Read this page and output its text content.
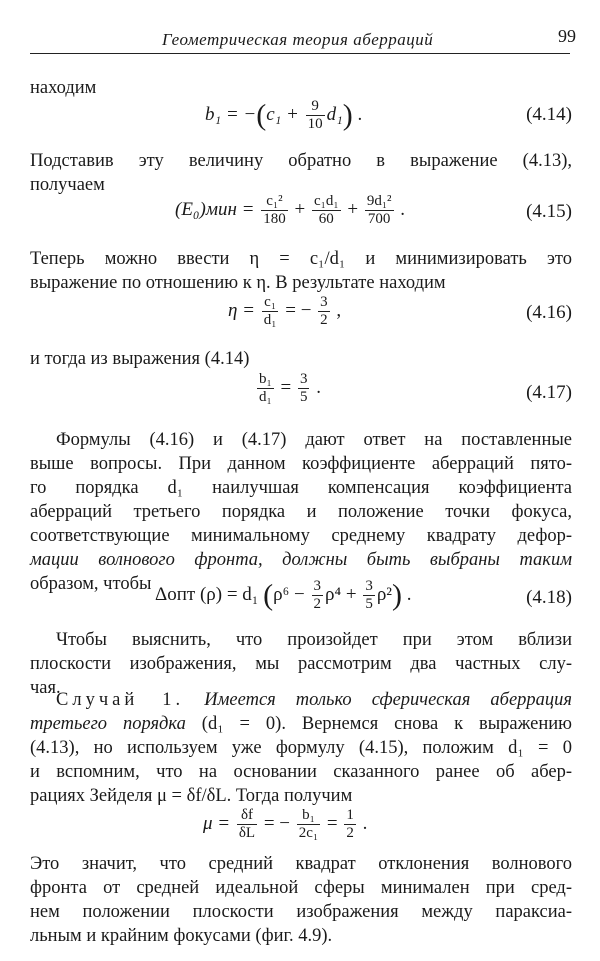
Геометрическая теория аберраций	99
находим
$b_1 = -(c_1 + \frac{9}{10} d_1)$ .	(4.14)
Подставив эту величину обратно в выражение (4.13),
получаем
$(E_0)мин = \frac{\text{c₁²}}{180} + \frac{\text{c₁d₁}}{60} + \frac{\text{9d₁²}}{700}$ .	(4.15)
Теперь можно ввести η = c₁/d₁ и минимизировать это
выражение по отношению к η. В результате находим
$\eta = \frac{\text{c₁}}{\text{d₁}}$ = − $\frac{3}{2}$ ,	(4.16)
и тогда из выражения (4.14)
$\frac{\text{b₁}}{\text{d₁}} = \frac{3}{5}$ .	(4.17)
Формулы (4.16) и (4.17) дают ответ на поставленные
выше вопросы. При данном коэффициенте аберраций пято-
го порядка d₁ наилучшая компенсация коэффициента
аберраций третьего порядка и положение точки фокуса,
соответствующие минимальному среднему квадрату дефор-
мации волнового фронта, должны быть выбраны таким
образом, чтобы Δопт (ρ) = d₁ $(\rho^6 - \frac{3}{2} \rho^4 + \frac{3}{5} \rho^2)$ .	(4.18)
Чтобы выяснить, что произойдет при этом вблизи
плоскости изображения, мы рассмотрим два частных слу-
чая.
Случай 1. Имеется только сферическая аберрация
третьего порядка (d₁ = 0). Вернемся снова к выражению
(4.13), но используем уже формулу (4.15), положим d₁ = 0
и вспомним, что на основании сказанного ранее об абер-
рациях Зейделя μ = δf/δL. Тогда получим
$\mu = \frac{\delta f}{\delta L}$ = − $\frac{\text{b₁}}{\text{2c₁}} = \frac{1}{2}$ .
Это значит, что средний квадрат отклонения волнового
фронта от средней идеальной сферы минимален при сред-
нем положении плоскости изображения между параксиа-
льным и крайним фокусами (фиг. 4.9).
